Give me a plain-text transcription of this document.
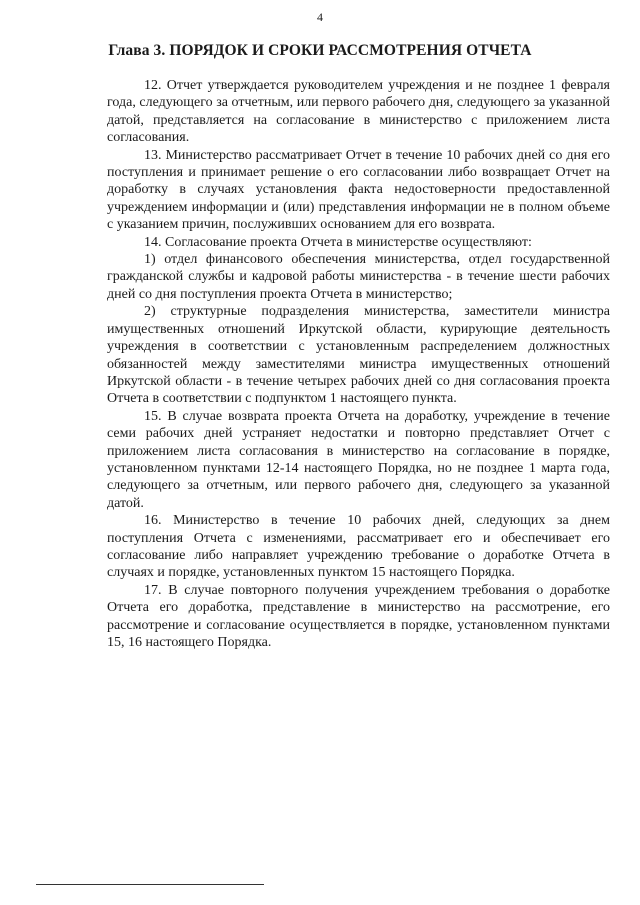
4
Глава 3. ПОРЯДОК И СРОКИ РАССМОТРЕНИЯ ОТЧЕТА

12. Отчет утверждается руководителем учреждения и не позднее 1 февраля года, следующего за отчетным, или первого рабочего дня, следующего за указанной датой, представляется на согласование в министерство с приложением листа согласования.

13. Министерство рассматривает Отчет в течение 10 рабочих дней со дня его поступления и принимает решение о его согласовании либо возвращает Отчет на доработку в случаях установления факта недостоверности предоставленной учреждением информации и (или) представления информации не в полном объеме с указанием причин, послуживших основанием для его возврата.

14. Согласование проекта Отчета в министерстве осуществляют:

1) отдел финансового обеспечения министерства, отдел государственной гражданской службы и кадровой работы министерства - в течение шести рабочих дней со дня поступления проекта Отчета в министерство;

2) структурные подразделения министерства, заместители министра имущественных отношений Иркутской области, курирующие деятельность учреждения в соответствии с установленным распределением должностных обязанностей между заместителями министра имущественных отношений Иркутской области - в течение четырех рабочих дней со дня согласования проекта Отчета в соответствии с подпунктом 1 настоящего пункта.

15. В случае возврата проекта Отчета на доработку, учреждение в течение семи рабочих дней устраняет недостатки и повторно представляет Отчет с приложением листа согласования в министерство на согласование в порядке, установленном пунктами 12-14 настоящего Порядка, но не позднее 1 марта года, следующего за отчетным, или первого рабочего дня, следующего за указанной датой.

16. Министерство в течение 10 рабочих дней, следующих за днем поступления Отчета с изменениями, рассматривает его и обеспечивает его согласование либо направляет учреждению требование о доработке Отчета в случаях и порядке, установленных пунктом 15 настоящего Порядка.

17. В случае повторного получения учреждением требования о доработке Отчета его доработка, представление в министерство на рассмотрение, его рассмотрение и согласование осуществляется в порядке, установленном пунктами 15, 16 настоящего Порядка.
